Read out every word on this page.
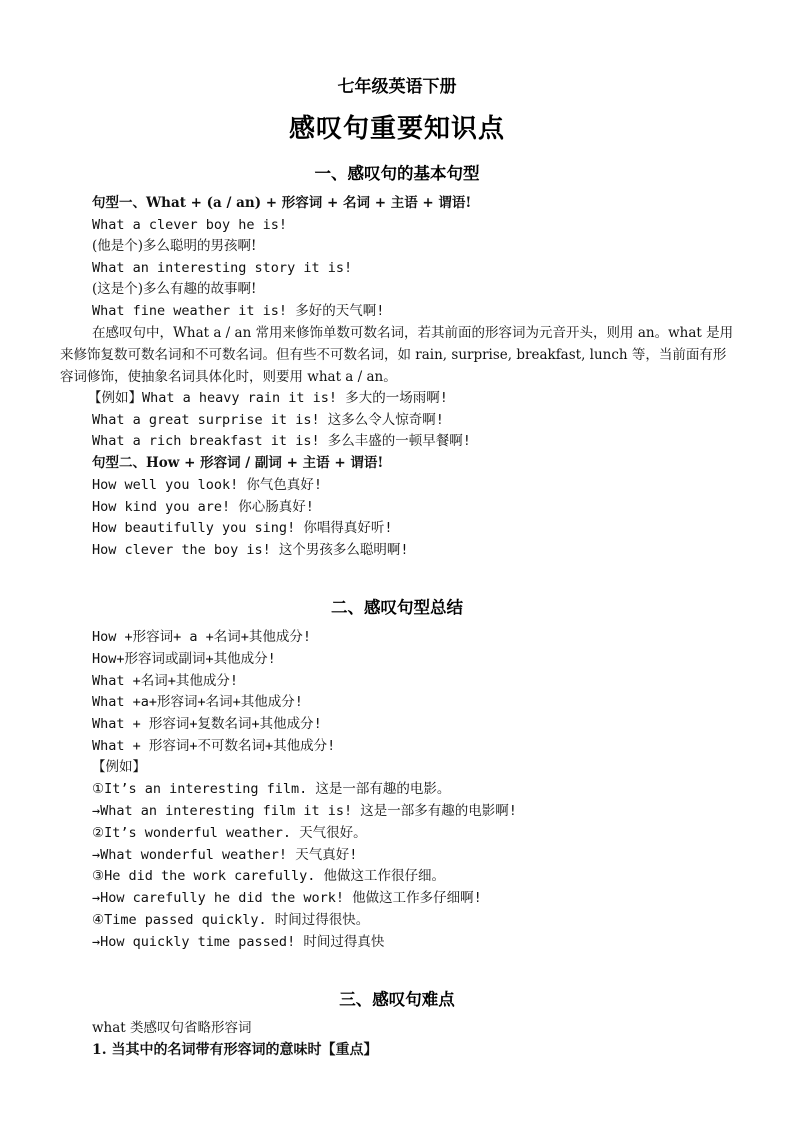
七年级英语下册
感叹句重要知识点
一、感叹句的基本句型
句型一、What + (a / an) + 形容词 + 名词 + 主语 + 谓语!
What a clever boy he is!
(他是个)多么聪明的男孩啊!
What an interesting story it is!
(这是个)多么有趣的故事啊!
What fine weather it is! 多好的天气啊!
在感叹句中，What a / an 常用来修饰单数可数名词，若其前面的形容词为元音开头，则用 an。what 是用来修饰复数可数名词和不可数名词。但有些不可数名词，如 rain, surprise, breakfast, lunch 等，当前面有形容词修饰，使抽象名词具体化时，则要用 what a / an。
【例如】What a heavy rain it is! 多大的一场雨啊!
What a great surprise it is! 这多么令人惊奇啊!
What a rich breakfast it is! 多么丰盛的一顿早餐啊!
句型二、How + 形容词 / 副词 + 主语 + 谓语!
How well you look! 你气色真好!
How kind you are! 你心肠真好!
How beautifully you sing! 你唱得真好听!
How clever the boy is! 这个男孩多么聪明啊!
二、感叹句型总结
How +形容词+ a +名词+其他成分!
How+形容词或副词+其他成分!
What +名词+其他成分!
What +a+形容词+名词+其他成分!
What + 形容词+复数名词+其他成分!
What + 形容词+不可数名词+其他成分!
【例如】
①It’s an interesting film. 这是一部有趣的电影。
→What an interesting film it is! 这是一部多有趣的电影啊!
②It’s wonderful weather. 天气很好。
→What wonderful weather! 天气真好!
③He did the work carefully. 他做这工作很仔细。
→How carefully he did the work! 他做这工作多仔细啊!
④Time passed quickly. 时间过得很快。
→How quickly time passed! 时间过得真快
三、感叹句难点
what 类感叹句省略形容词
1. 当其中的名词带有形容词的意味时【重点】
